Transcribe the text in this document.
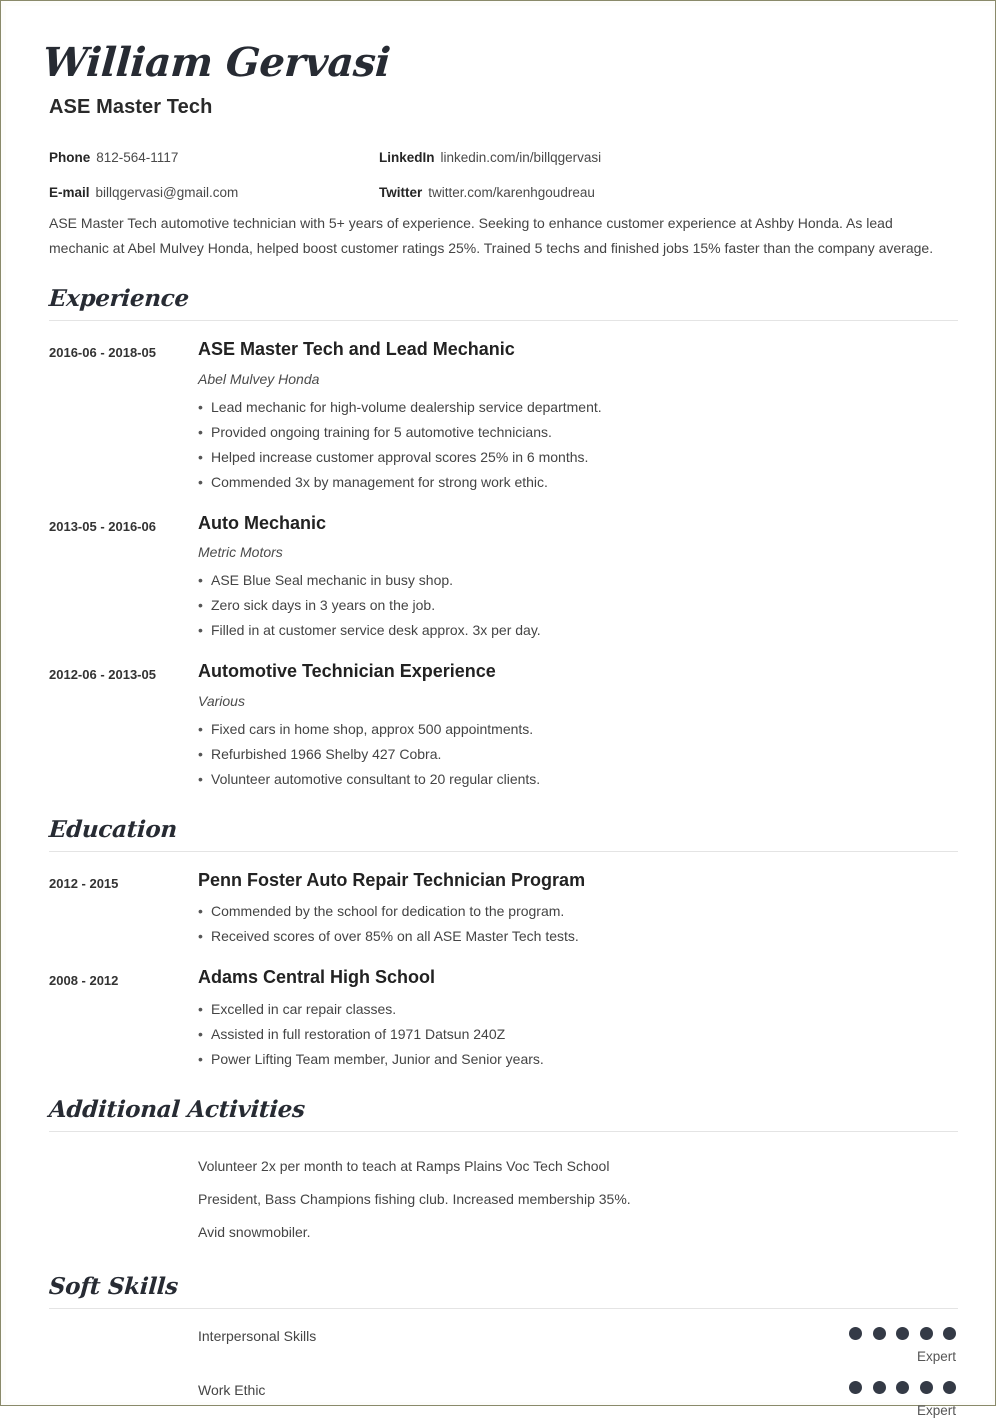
William Gervasi
ASE Master Tech
Phone 812-564-1117
E-mail billqgervasi@gmail.com
LinkedIn linkedin.com/in/billqgervasi
Twitter twitter.com/karenhgoudreau
ASE Master Tech automotive technician with 5+ years of experience. Seeking to enhance customer experience at Ashby Honda. As lead mechanic at Abel Mulvey Honda, helped boost customer ratings 25%. Trained 5 techs and finished jobs 15% faster than the company average.
Experience
2016-06 - 2018-05	ASE Master Tech and Lead Mechanic
Abel Mulvey Honda
• Lead mechanic for high-volume dealership service department.
• Provided ongoing training for 5 automotive technicians.
• Helped increase customer approval scores 25% in 6 months.
• Commended 3x by management for strong work ethic.
2013-05 - 2016-06	Auto Mechanic
Metric Motors
• ASE Blue Seal mechanic in busy shop.
• Zero sick days in 3 years on the job.
• Filled in at customer service desk approx. 3x per day.
2012-06 - 2013-05	Automotive Technician Experience
Various
• Fixed cars in home shop, approx 500 appointments.
• Refurbished 1966 Shelby 427 Cobra.
• Volunteer automotive consultant to 20 regular clients.
Education
2012 - 2015	Penn Foster Auto Repair Technician Program
• Commended by the school for dedication to the program.
• Received scores of over 85% on all ASE Master Tech tests.
2008 - 2012	Adams Central High School
• Excelled in car repair classes.
• Assisted in full restoration of 1971 Datsun 240Z
• Power Lifting Team member, Junior and Senior years.
Additional Activities
Volunteer 2x per month to teach at Ramps Plains Voc Tech School
President, Bass Champions fishing club. Increased membership 35%.
Avid snowmobiler.
Soft Skills
Interpersonal Skills

Expert
Work Ethic

Expert
